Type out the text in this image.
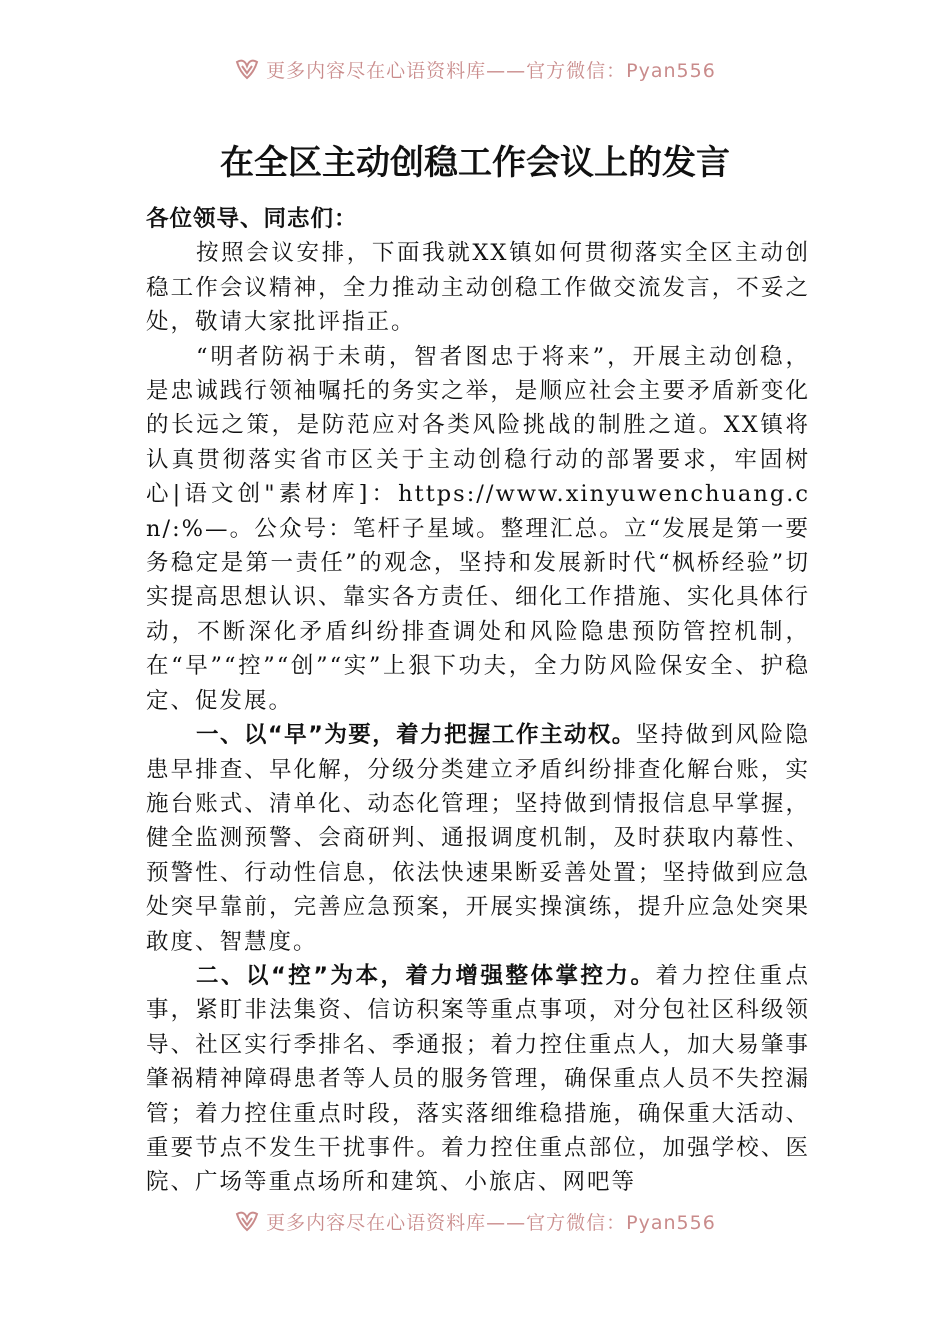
更多内容尽在心语资料库——官方微信：Pyan556
在全区主动创稳工作会议上的发言

各位领导、同志们：

按照会议安排，下面我就XX镇如何贯彻落实全区主动创稳工作会议精神，全力推动主动创稳工作做交流发言，不妥之处，敬请大家批评指正。

“明者防祸于未萌，智者图忠于将来”，开展主动创稳，是忠诚践行领袖嘱托的务实之举，是顺应社会主要矛盾新变化的长远之策，是防范应对各类风险挑战的制胜之道。XX镇将认真贯彻落实省市区关于主动创稳行动的部署要求，牢固树心|语文创"素材库]：https://www.xinyuwenchuang.cn/:%—。公众号：笔杆子星域。整理汇总。立“发展是第一要务稳定是第一责任”的观念，坚持和发展新时代“枫桥经验”切实提高思想认识、靠实各方责任、细化工作措施、实化具体行动，不断深化矛盾纠纷排查调处和风险隐患预防管控机制，在“早”“控”“创”“实”上狠下功夫，全力防风险保安全、护稳定、促发展。

一、以“早”为要，着力把握工作主动权。坚持做到风险隐患早排查、早化解，分级分类建立矛盾纠纷排查化解台账，实施台账式、清单化、动态化管理；坚持做到情报信息早掌握，健全监测预警、会商研判、通报调度机制，及时获取内幕性、预警性、行动性信息，依法快速果断妥善处置；坚持做到应急处突早靠前，完善应急预案，开展实操演练，提升应急处突果敢度、智慧度。

二、以“控”为本，着力增强整体掌控力。着力控住重点事，紧盯非法集资、信访积案等重点事项，对分包社区科级领导、社区实行季排名、季通报；着力控住重点人，加大易肇事肇祸精神障碍患者等人员的服务管理，确保重点人员不失控漏管；着力控住重点时段，落实落细维稳措施，确保重大活动、重要节点不发生干扰事件。着力控住重点部位，加强学校、医院、广场等重点场所和建筑、小旅店、网吧等

更多内容尽在心语资料库——官方微信：Pyan556
